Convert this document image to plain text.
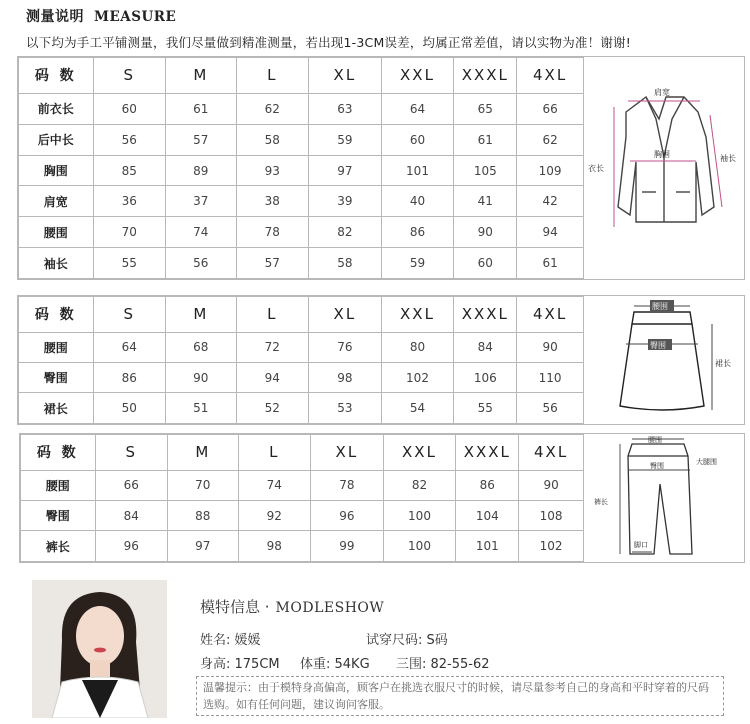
测量说明 MEASURE
以下均为手工平铺测量，我们尽量做到精准测量，若出现1-3CM误差，均属正常差值，请以实物为准！谢谢!
码 数	S	M	L	XL	XXL	XXXL	4XL
前衣长	60	61	62	63	64	65	66
后中长	56	57	58	59	60	61	62
胸围	85	89	93	97	101	105	109
肩宽	36	37	38	39	40	41	42
腰围	70	74	78	82	86	90	94
袖长	55	56	57	58	59	60	61
肩宽
胸围
衣长
袖长
码 数	S	M	L	XL	XXL	XXXL	4XL
腰围	64	68	72	76	80	84	90
臀围	86	90	94	98	102	106	110
裙长	50	51	52	53	54	55	56
腰围
臀围
裙长
码 数	S	M	L	XL	XXL	XXXL	4XL
腰围	66	70	74	78	82	86	90
臀围	84	88	92	96	100	104	108
裤长	96	97	98	99	100	101	102
腰围
臀围
裤长
大腿围
脚口
模特信息 · MODLESHOW
姓名: 媛媛	试穿尺码: S码
身高: 175CM 体重: 54KG 三围: 82-55-62
温馨提示：由于模特身高偏高，顾客户在挑选衣服尺寸的时候，请尽量参考自己的身高和平时穿着的尺码选购。如有任何问题，建议询问客服。
